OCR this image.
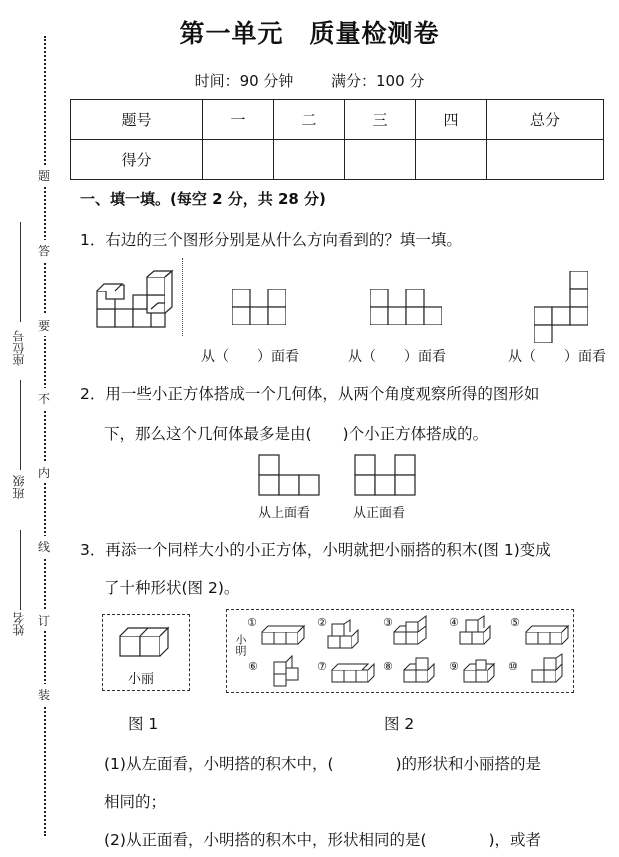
座位号
班级
姓名
题
答
要
不
内
线
订
装
第一单元　质量检测卷
时间：90 分钟	满分：100 分
题号	一	二	三	四	总分
得分					
一、填一填。(每空 2 分，共 28 分)
1．右边的三个图形分别是从什么方向看到的？填一填。
从（　　）面看	从（　　）面看	从（　　）面看
2．用一些小正方体搭成一个几何体，从两个角度观察所得的图形如
下，那么这个几何体最多是由(　　)个小正方体搭成的。
从上面看	从正面看
3．再添一个同样大小的小正方体，小明就把小丽搭的积木(图 1)变成
了十种形状(图 2)。
小丽
小明
①	②	③	④	⑤
⑥	⑦	⑧	⑨	⑩
图 1	图 2
(1)从左面看，小明搭的积木中，(　　　　)的形状和小丽搭的是
相同的；
(2)从正面看，小明搭的积木中，形状相同的是(　　　　)，或者
